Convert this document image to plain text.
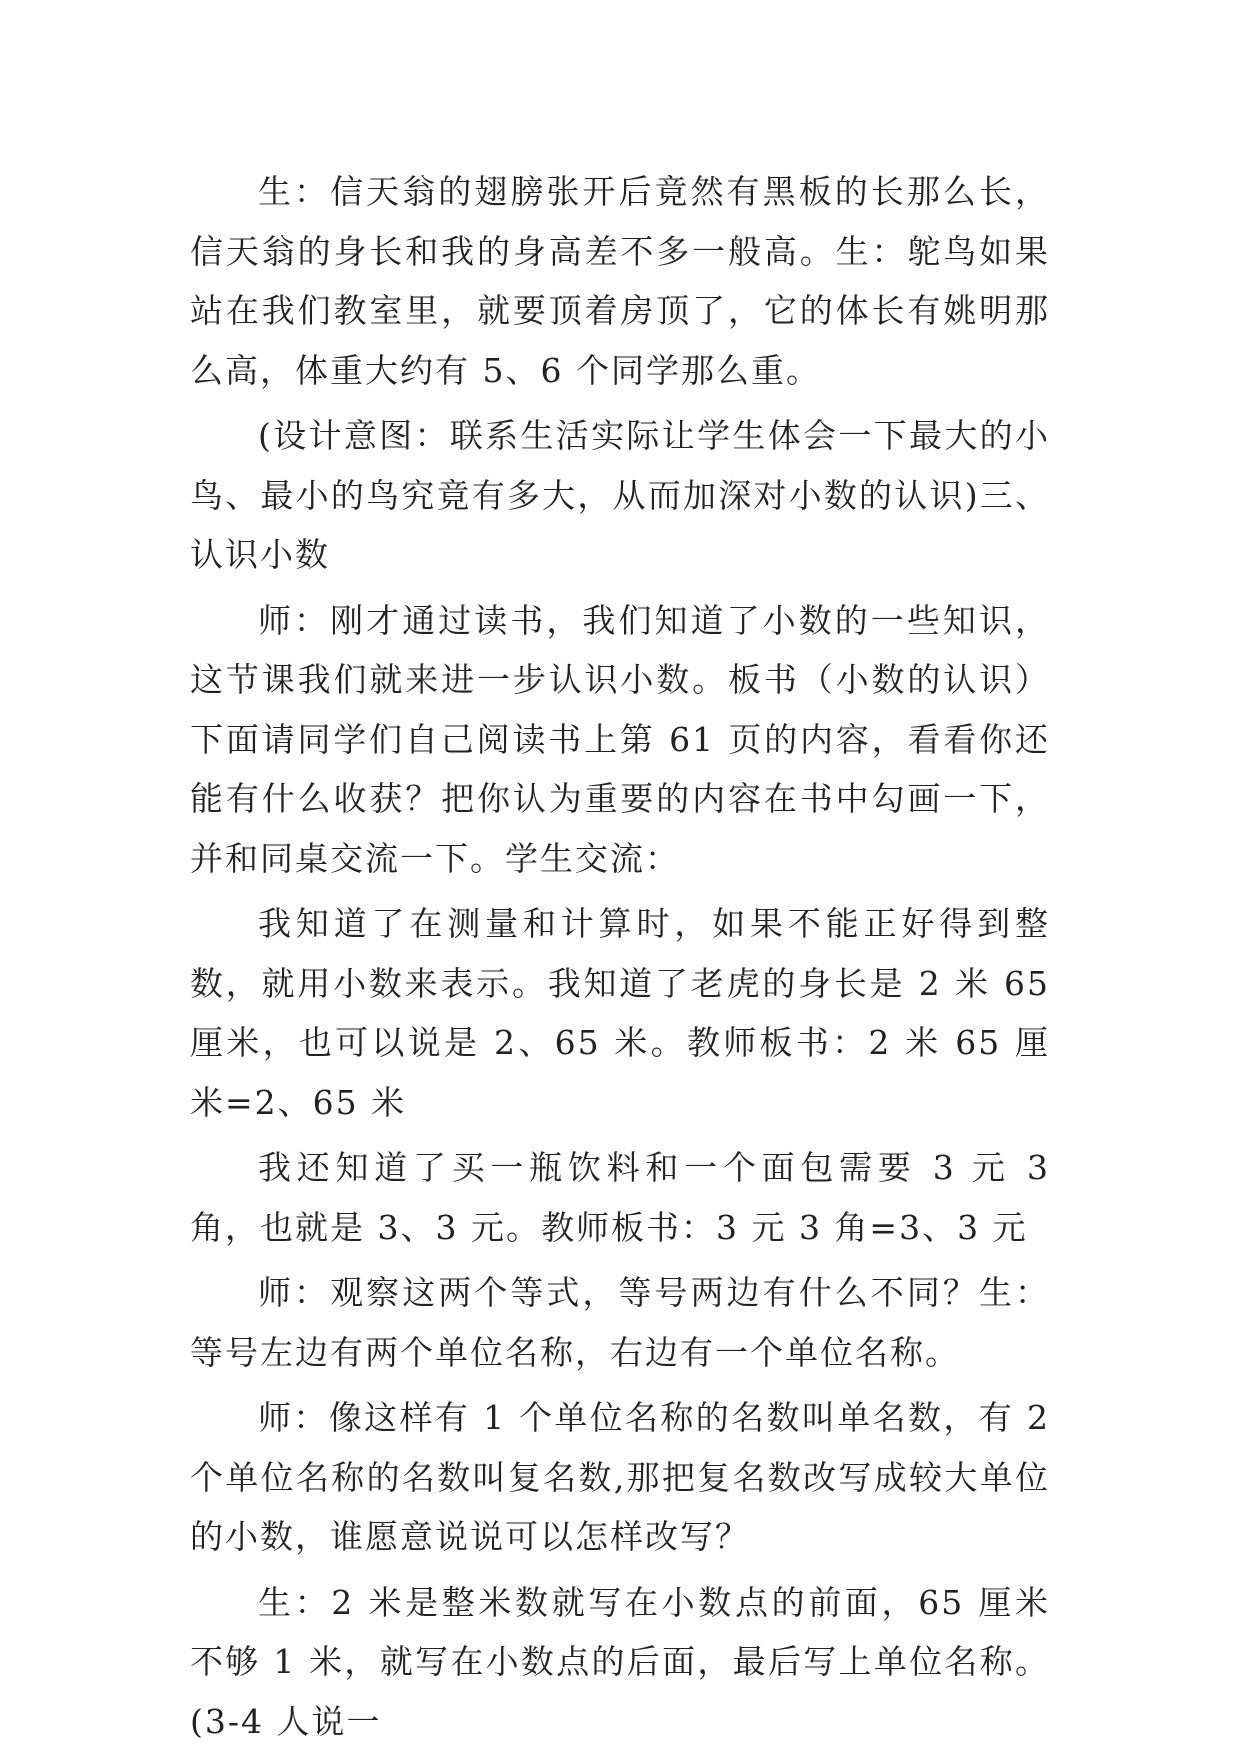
生：信天翁的翅膀张开后竟然有黑板的长那么长，信天翁的身长和我的身高差不多一般高。生：鸵鸟如果站在我们教室里，就要顶着房顶了，它的体长有姚明那么高，体重大约有 5、6 个同学那么重。

(设计意图：联系生活实际让学生体会一下最大的小鸟、最小的鸟究竟有多大，从而加深对小数的认识)三、认识小数

师：刚才通过读书，我们知道了小数的一些知识，这节课我们就来进一步认识小数。板书（小数的认识）下面请同学们自己阅读书上第 61 页的内容，看看你还能有什么收获？把你认为重要的内容在书中勾画一下，并和同桌交流一下。学生交流：

我知道了在测量和计算时，如果不能正好得到整数，就用小数来表示。我知道了老虎的身长是 2 米 65 厘米，也可以说是 2、65 米。教师板书：2 米 65 厘米=2、65 米

我还知道了买一瓶饮料和一个面包需要 3 元 3 角，也就是 3、3 元。教师板书：3 元 3 角=3、3 元

师：观察这两个等式，等号两边有什么不同？生：等号左边有两个单位名称，右边有一个单位名称。

师：像这样有 1 个单位名称的名数叫单名数，有 2 个单位名称的名数叫复名数,那把复名数改写成较大单位的小数，谁愿意说说可以怎样改写？

生：2 米是整米数就写在小数点的前面，65 厘米不够 1 米，就写在小数点的后面，最后写上单位名称。(3-4 人说一
